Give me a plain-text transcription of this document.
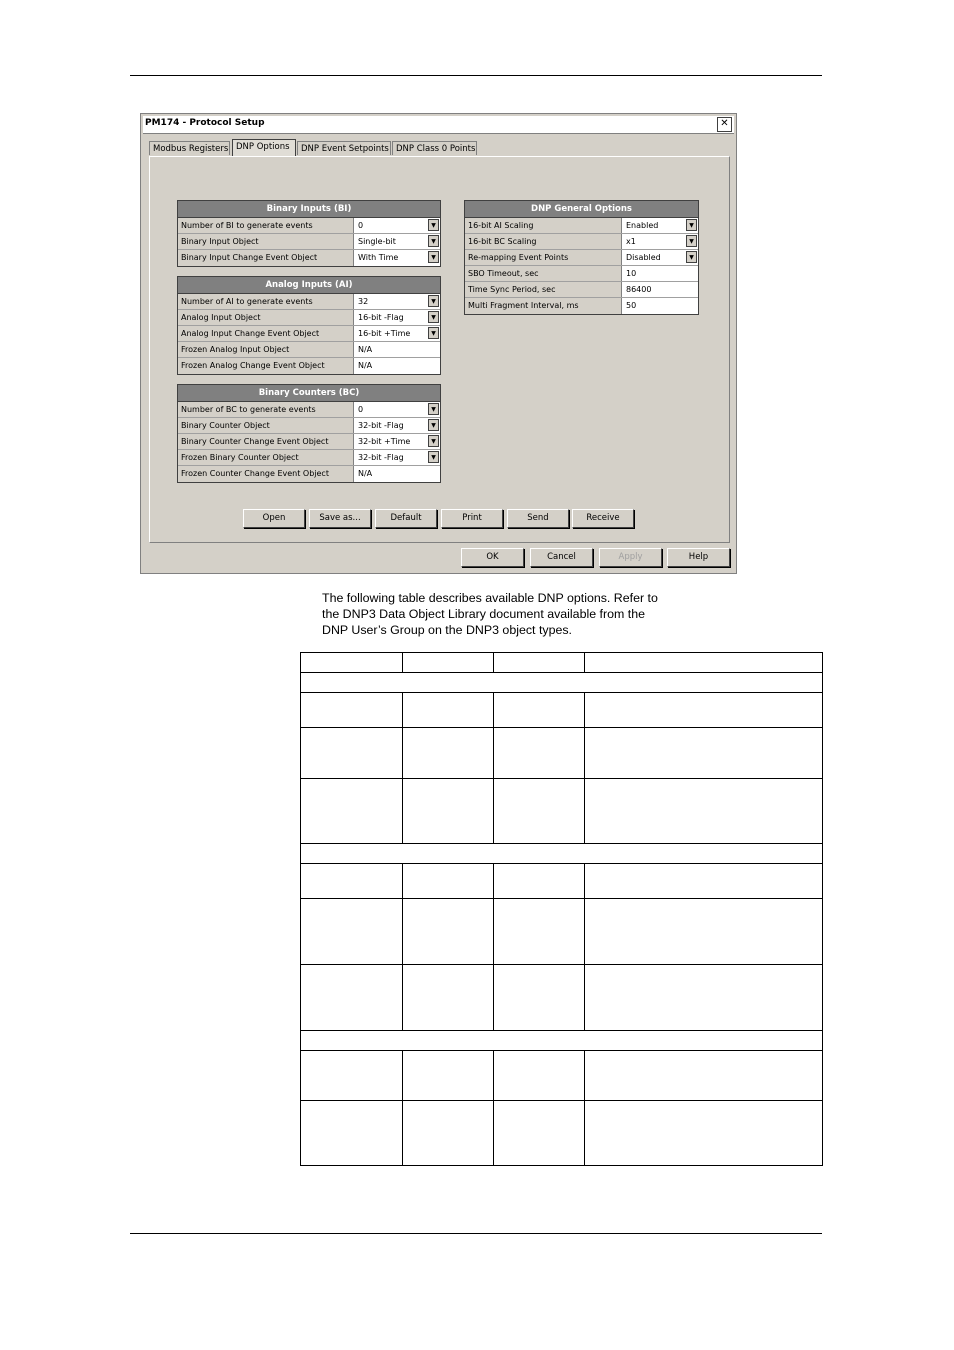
PM174 - Protocol Setup	✕
Modbus Registers DNP Options	DNP Event Setpoints DNP Class 0 Points
Binary Inputs (BI)
Number of BI to generate events	0	▼
Binary Input Object	Single-bit	▼
Binary Input Change Event Object	With Time	▼
Analog Inputs (AI)
Number of AI to generate events	32	▼
Analog Input Object	16-bit -Flag	▼
Analog Input Change Event Object	16-bit +Time	▼
Frozen Analog Input Object	N/A
Frozen Analog Change Event Object	N/A
Binary Counters (BC)
Number of BC to generate events	0	▼
Binary Counter Object	32-bit -Flag	▼
Binary Counter Change Event Object	32-bit +Time	▼
Frozen Binary Counter Object	32-bit -Flag	▼
Frozen Counter Change Event Object	N/A
DNP General Options
16-bit AI Scaling	Enabled	▼
16-bit BC Scaling	x1	▼
Re-mapping Event Points	Disabled	▼
SBO Timeout, sec	10
Time Sync Period, sec	86400
Multi Fragment Interval, ms	50
Open	Save as...	Default	Print	Send	Receive
OK	Cancel	Apply	Help
The following table describes available DNP options. Refer to
the DNP3 Data Object Library document available from the
DNP User’s Group on the DNP3 object types.
